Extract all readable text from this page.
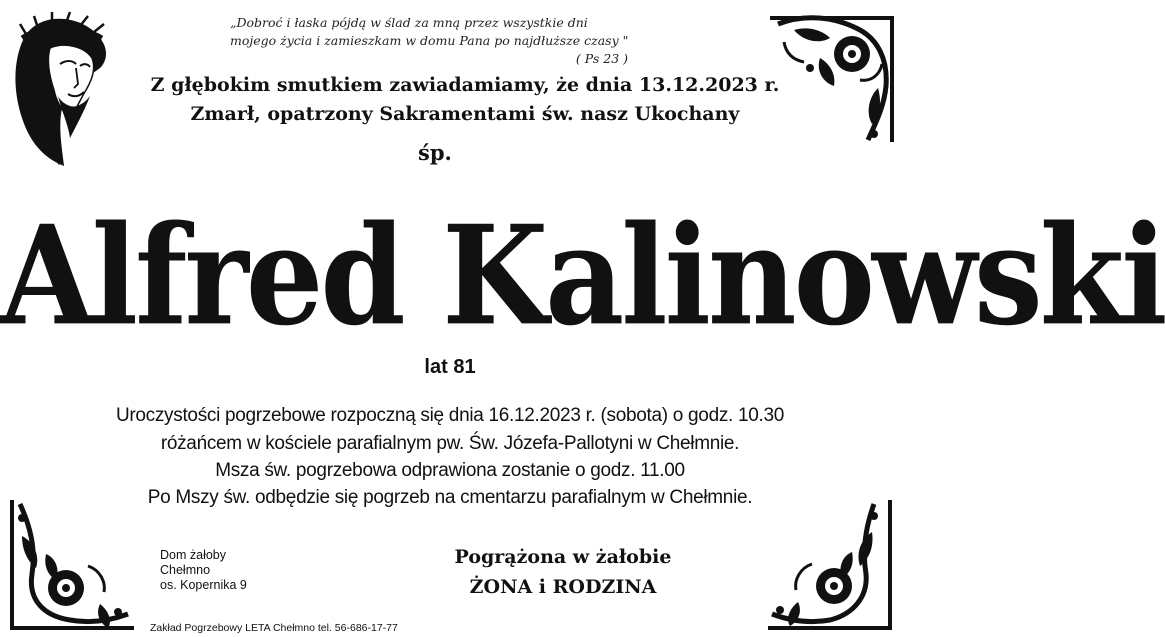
„Dobroć i łaska pójdą w ślad za mną przez wszystkie dni
mojego życia i zamieszkam w domu Pana po najdłuższe czasy "
( Ps 23 )
Z głębokim smutkiem zawiadamiamy, że dnia 13.12.2023 r.
Zmarł, opatrzony Sakramentami św. nasz Ukochany
śp.
Alfred Kalinowski
lat 81
Uroczystości pogrzebowe rozpoczną się dnia 16.12.2023 r. (sobota) o godz. 10.30
różańcem w kościele parafialnym pw. Św. Józefa-Pallotyni w Chełmnie.
Msza św. pogrzebowa odprawiona zostanie o godz. 11.00
Po Mszy św. odbędzie się pogrzeb na cmentarzu parafialnym w Chełmnie.
Dom żałoby
Chełmno
os. Kopernika 9
Pogrążona w żałobie
ŻONA i RODZINA
Zakład Pogrzebowy LETA Chełmno tel. 56-686-17-77
